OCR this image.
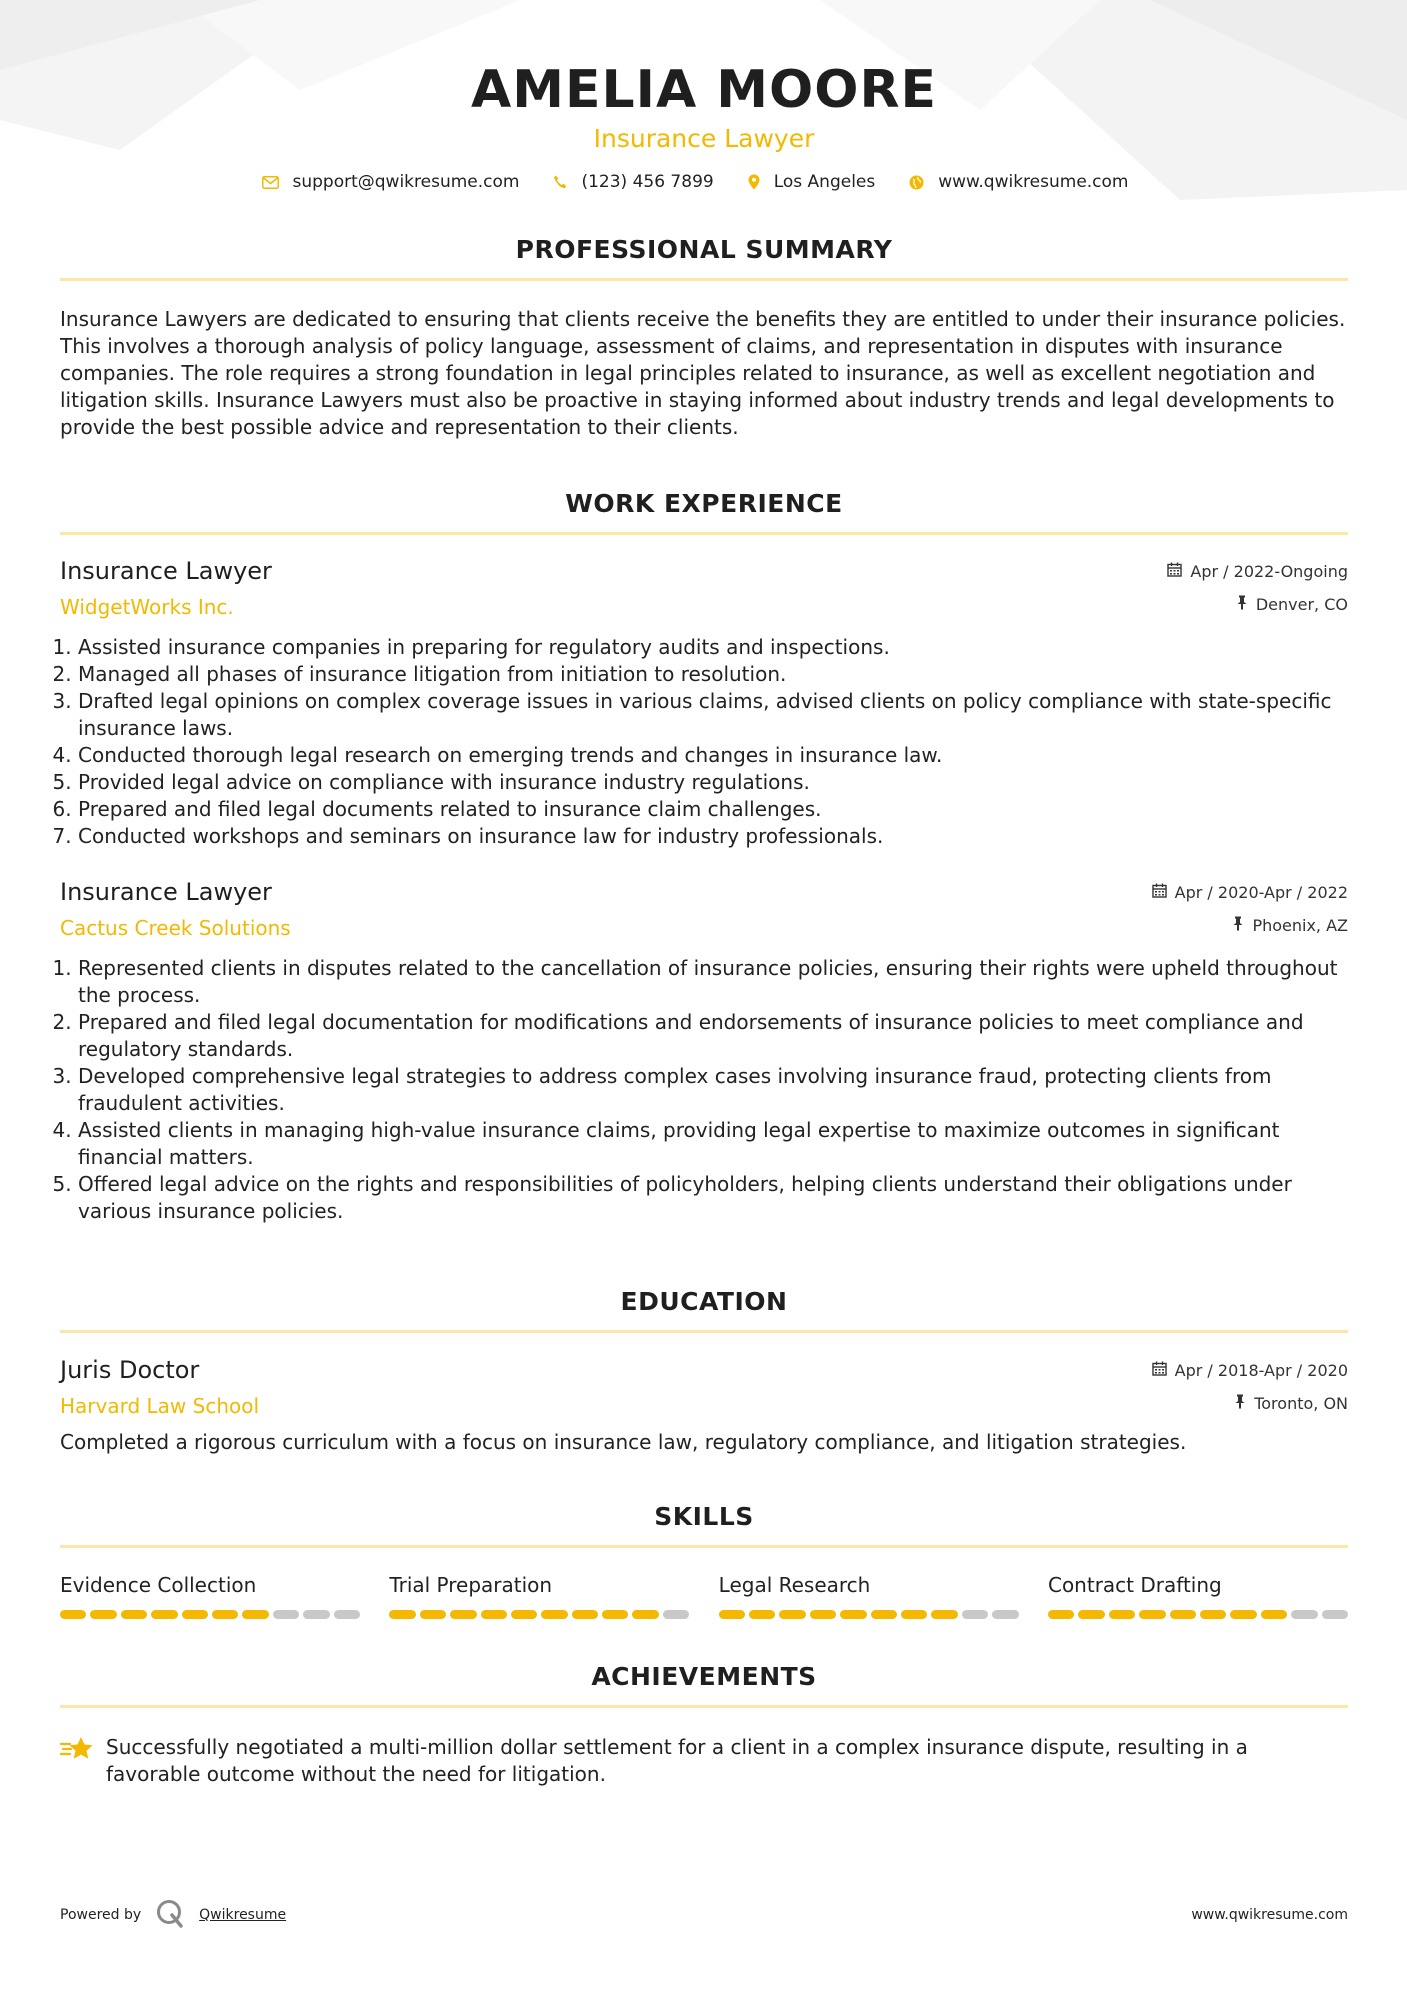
AMELIA MOORE
Insurance Lawyer
support@qwikresume.com	(123) 456 7899	Los Angeles	www.qwikresume.com
PROFESSIONAL SUMMARY

Insurance Lawyers are dedicated to ensuring that clients receive the benefits they are entitled to under their insurance policies. This involves a thorough analysis of policy language, assessment of claims, and representation in disputes with insurance companies. The role requires a strong foundation in legal principles related to insurance, as well as excellent negotiation and litigation skills. Insurance Lawyers must also be proactive in staying informed about industry trends and legal developments to provide the best possible advice and representation to their clients.

WORK EXPERIENCE
Insurance Lawyer
WidgetWorks Inc.
Apr / 2022-Ongoing
Denver, CO
1. Assisted insurance companies in preparing for regulatory audits and inspections.
2. Managed all phases of insurance litigation from initiation to resolution.
3. Drafted legal opinions on complex coverage issues in various claims, advised clients on policy compliance with state-specific insurance laws.
4. Conducted thorough legal research on emerging trends and changes in insurance law.
5. Provided legal advice on compliance with insurance industry regulations.
6. Prepared and filed legal documents related to insurance claim challenges.
7. Conducted workshops and seminars on insurance law for industry professionals.
Insurance Lawyer
Cactus Creek Solutions
Apr / 2020-Apr / 2022
Phoenix, AZ
1. Represented clients in disputes related to the cancellation of insurance policies, ensuring their rights were upheld throughout the process.
2. Prepared and filed legal documentation for modifications and endorsements of insurance policies to meet compliance and regulatory standards.
3. Developed comprehensive legal strategies to address complex cases involving insurance fraud, protecting clients from fraudulent activities.
4. Assisted clients in managing high-value insurance claims, providing legal expertise to maximize outcomes in significant financial matters.
5. Offered legal advice on the rights and responsibilities of policyholders, helping clients understand their obligations under various insurance policies.
EDUCATION
Juris Doctor
Harvard Law School
Apr / 2018-Apr / 2020
Toronto, ON
Completed a rigorous curriculum with a focus on insurance law, regulatory compliance, and litigation strategies.
SKILLS
Evidence Collection	Trial Preparation	Legal Research	Contract Drafting
ACHIEVEMENTS
Successfully negotiated a multi-million dollar settlement for a client in a complex insurance dispute, resulting in a favorable outcome without the need for litigation.
Powered by	Qwikresume	www.qwikresume.com
